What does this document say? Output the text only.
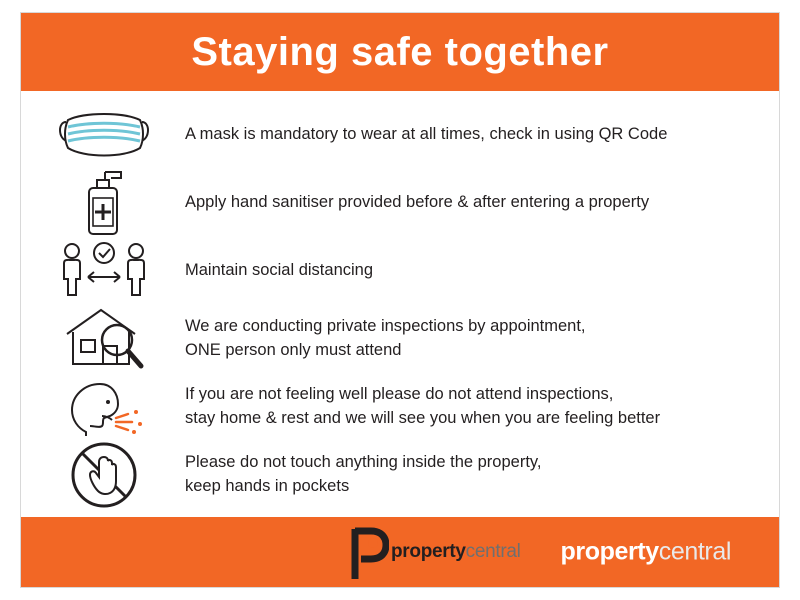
Staying safe together
A mask is mandatory to wear at all times, check in using QR Code
Apply hand sanitiser provided before & after entering a property
Maintain social distancing
We are conducting private inspections by appointment,
ONE person only must attend
If you are not feeling well please do not attend inspections,
stay home & rest and we will see you when you are feeling better
Please do not touch anything inside the property,
keep hands in pockets
property central property central
